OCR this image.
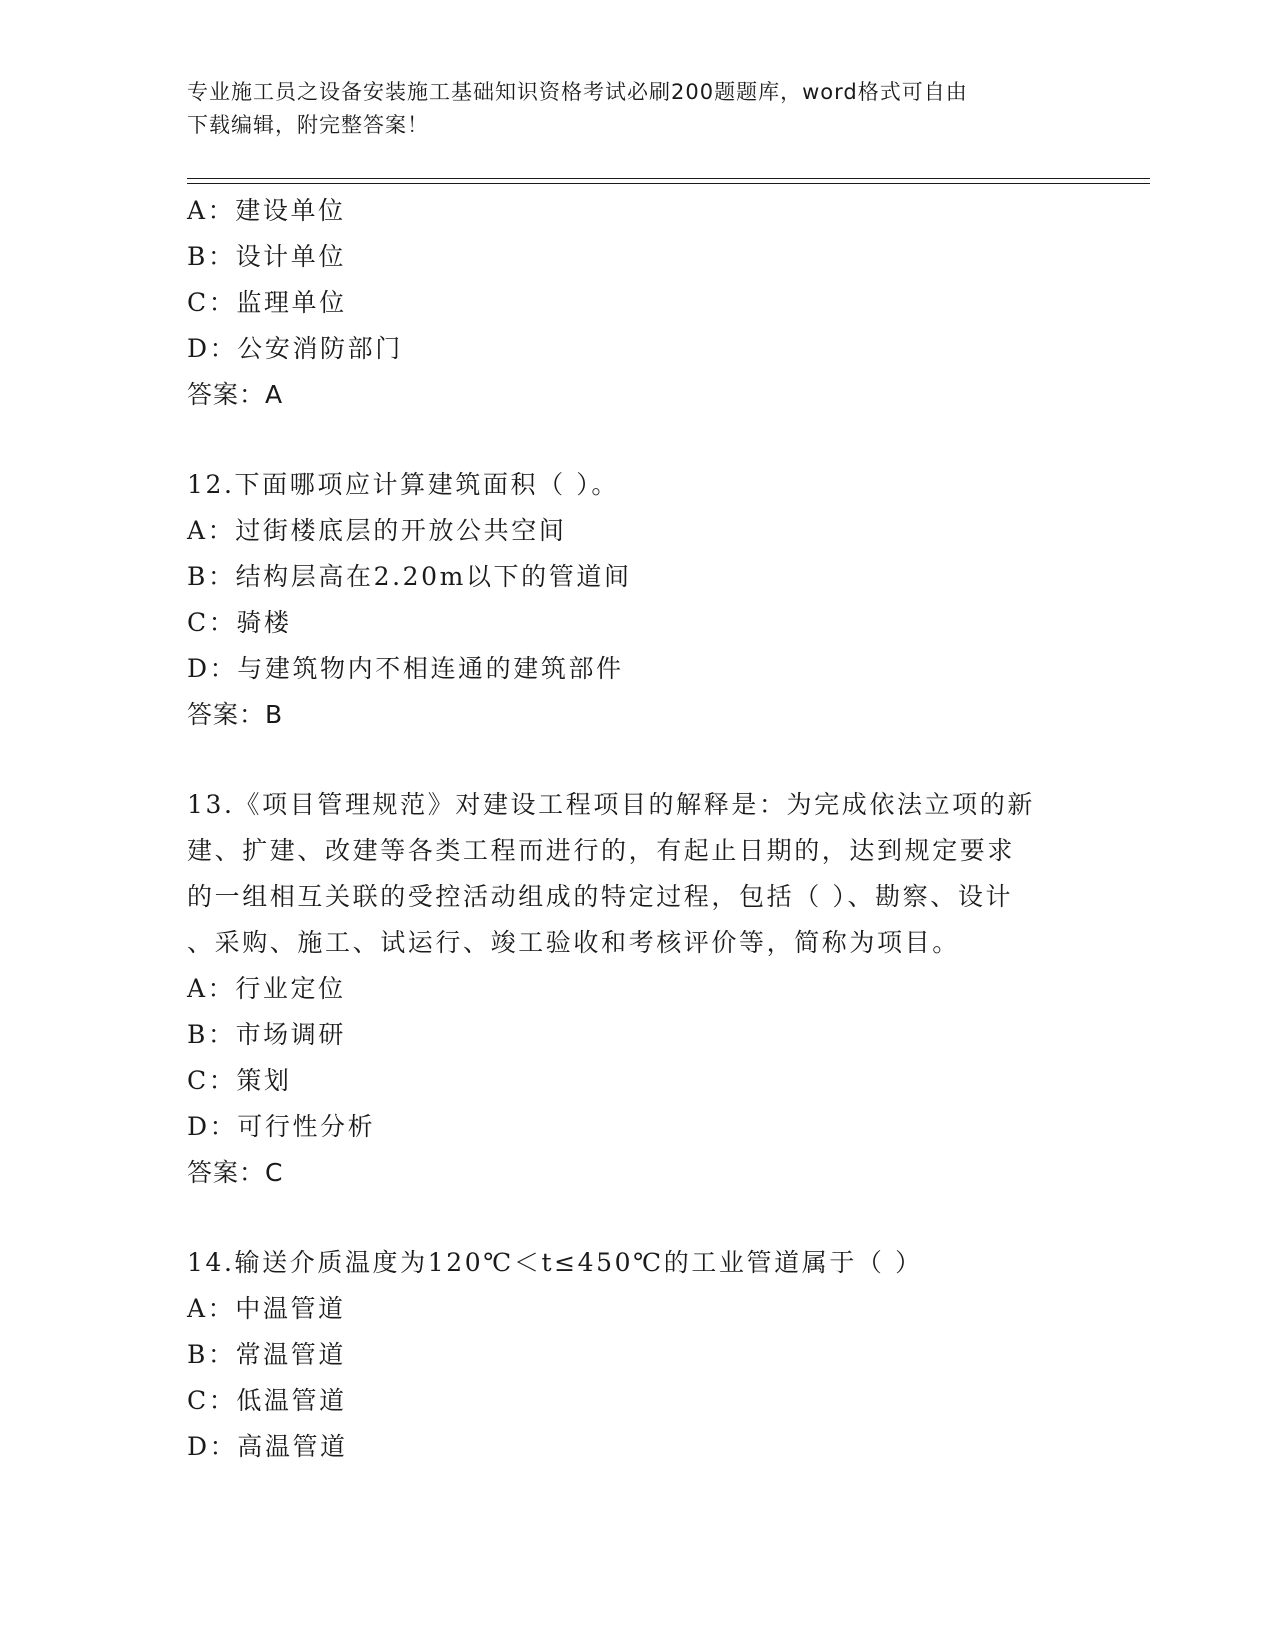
专业施工员之设备安装施工基础知识资格考试必刷200题题库，word格式可自由
下载编辑，附完整答案！
A：建设单位
B：设计单位
C：监理单位
D：公安消防部门
答案：A
12.下面哪项应计算建筑面积（ ）。
A：过街楼底层的开放公共空间
B：结构层高在2.20m以下的管道间
C：骑楼
D：与建筑物内不相连通的建筑部件
答案：B
13.《项目管理规范》对建设工程项目的解释是：为完成依法立项的新
建、扩建、改建等各类工程而进行的，有起止日期的，达到规定要求
的一组相互关联的受控活动组成的特定过程，包括（ ）、勘察、设计
、采购、施工、试运行、竣工验收和考核评价等，简称为项目。
A：行业定位
B：市场调研
C：策划
D：可行性分析
答案：C
14.输送介质温度为120℃＜t≤450℃的工业管道属于（ ）
A：中温管道
B：常温管道
C：低温管道
D：高温管道
